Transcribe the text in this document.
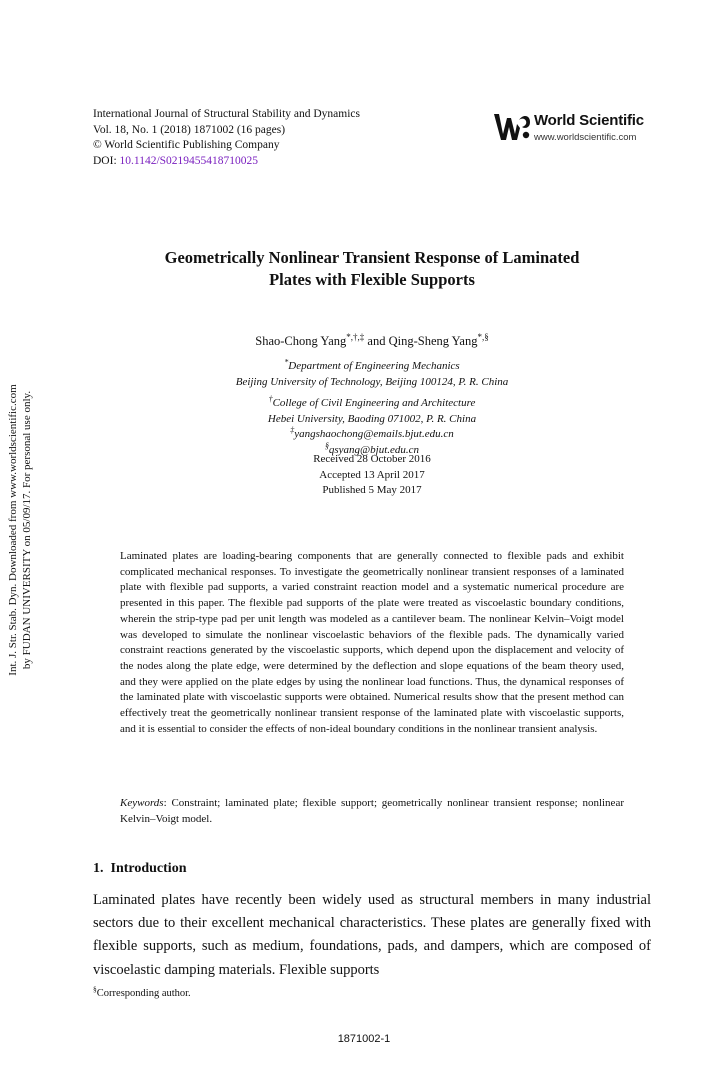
International Journal of Structural Stability and Dynamics
Vol. 18, No. 1 (2018) 1871002 (16 pages)
© World Scientific Publishing Company
DOI: 10.1142/S0219455418710025
World Scientific
www.worldscientific.com
Int. J. Str. Stab. Dyn. Downloaded from www.worldscientific.com by FUDAN UNIVERSITY on 05/09/17. For personal use only.
Geometrically Nonlinear Transient Response of Laminated
Plates with Flexible Supports
Shao-Chong Yang*,†,‡ and Qing-Sheng Yang*,§
*Department of Engineering Mechanics
Beijing University of Technology, Beijing 100124, P. R. China
†College of Civil Engineering and Architecture
Hebei University, Baoding 071002, P. R. China
‡yangshaochong@emails.bjut.edu.cn
§qsyang@bjut.edu.cn
Received 28 October 2016
Accepted 13 April 2017
Published 5 May 2017
Laminated plates are loading-bearing components that are generally connected to flexible pads and exhibit complicated mechanical responses. To investigate the geometrically nonlinear transient responses of a laminated plate with flexible pad supports, a varied constraint reaction model and a systematic numerical procedure are presented in this paper. The flexible pad supports of the plate were treated as viscoelastic boundary conditions, wherein the strip-type pad per unit length was modeled as a cantilever beam. The nonlinear Kelvin–Voigt model was developed to simulate the nonlinear viscoelastic behaviors of the flexible pads. The dynamically varied constraint reactions generated by the viscoelastic supports, which depend upon the displacement and velocity of the nodes along the plate edge, were determined by the deflection and slope equations of the beam theory used, and they were applied on the plate edges by using the nonlinear load functions. Thus, the dynamical responses of the laminated plate with viscoelastic supports were obtained. Numerical results show that the present method can effectively treat the geometrically nonlinear transient response of the laminated plate with viscoelastic supports, and it is essential to consider the effects of non-ideal boundary conditions in the nonlinear transient analysis.
Keywords: Constraint; laminated plate; flexible support; geometrically nonlinear transient response; nonlinear Kelvin–Voigt model.
1. Introduction
Laminated plates have recently been widely used as structural members in many industrial sectors due to their excellent mechanical characteristics. These plates are generally fixed with flexible supports, such as medium, foundations, pads, and dampers, which are composed of viscoelastic damping materials. Flexible supports
§Corresponding author.
1871002-1
